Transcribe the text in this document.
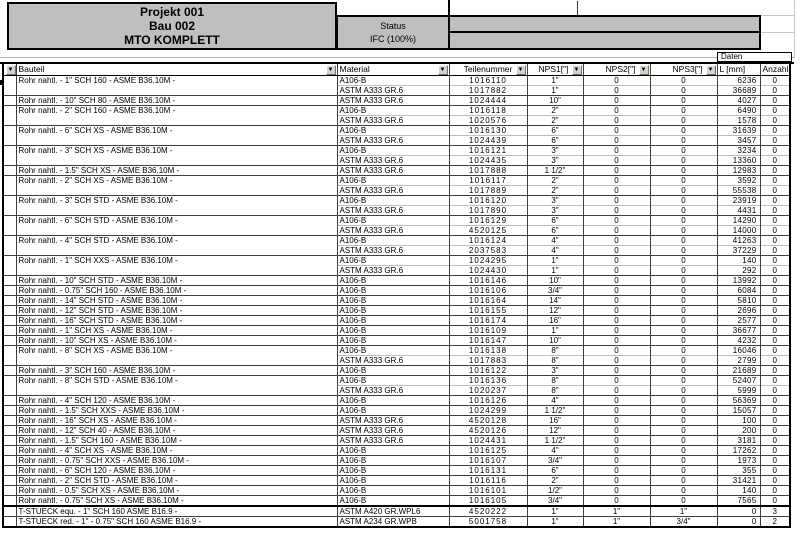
Projekt 001
Bau 002
MTO KOMPLETT
Status
IFC (100%)
Daten
▼	Bauteil ▼	Material ▼	Teilenummer ▼	NPS1["] ▼	NPS2["] ▼	NPS3["] ▼	L [mm]	Anzahl
	Rohr nahtl. - 1" SCH 160 - ASME B36.10M -	A106-B	1016110	1"	0	0	6236	0
		ASTM A333 GR.6	1017882	1"	0	0	36689	0
	Rohr nahtl. - 10" SCH 80 - ASME B36.10M -	ASTM A333 GR.6	1024444	10"	0	0	4027	0
	Rohr nahtl. - 2" SCH 160 - ASME B36.10M -	A106-B	1016118	2"	0	0	6490	0
		ASTM A333 GR.6	1020576	2"	0	0	1578	0
	Rohr nahtl. - 6" SCH XS - ASME B36.10M -	A106-B	1016130	6"	0	0	31639	0
		ASTM A333 GR.6	1024439	6"	0	0	3457	0
	Rohr nahtl. - 3" SCH XS - ASME B36.10M -	A106-B	1016121	3"	0	0	3234	0
		ASTM A333 GR.6	1024435	3"	0	0	13360	0
	Rohr nahtl. - 1.5" SCH XS - ASME B36.10M -	ASTM A333 GR.6	1017888	1 1/2"	0	0	12983	0
	Rohr nahtl. - 2" SCH XS - ASME B36.10M -	A106-B	1016117	2"	0	0	3592	0
		ASTM A333 GR.6	1017889	2"	0	0	55538	0
	Rohr nahtl. - 3" SCH STD - ASME B36.10M -	A106-B	1016120	3"	0	0	23919	0
		ASTM A333 GR.6	1017890	3"	0	0	4431	0
	Rohr nahtl. - 6" SCH STD - ASME B36.10M -	A106-B	1016129	6"	0	0	14290	0
		ASTM A333 GR.6	4520125	6"	0	0	14000	0
	Rohr nahtl. - 4" SCH STD - ASME B36.10M -	A106-B	1016124	4"	0	0	41263	0
		ASTM A333 GR.6	2037583	4"	0	0	37229	0
	Rohr nahtl. - 1" SCH XXS - ASME B36.10M -	A106-B	1024295	1"	0	0	140	0
		ASTM A333 GR.6	1024430	1"	0	0	292	0
	Rohr nahtl. - 10" SCH STD - ASME B36.10M -	A106-B	1016146	10"	0	0	13992	0
	Rohr nahtl. - 0.75" SCH 160 - ASME B36.10M -	A106-B	1016106	3/4"	0	0	6084	0
	Rohr nahtl. - 14" SCH STD - ASME B36.10M -	A106-B	1016164	14"	0	0	5810	0
	Rohr nahtl. - 12" SCH STD - ASME B36.10M -	A106-B	1016155	12"	0	0	2696	0
	Rohr nahtl. - 16" SCH STD - ASME B36.10M -	A106-B	1016174	16"	0	0	2577	0
	Rohr nahtl. - 1" SCH XS - ASME B36.10M -	A106-B	1016109	1"	0	0	36677	0
	Rohr nahtl. - 10" SCH XS - ASME B36.10M -	A106-B	1016147	10"	0	0	4232	0
	Rohr nahtl. - 8" SCH XS - ASME B36.10M -	A106-B	1016138	8"	0	0	16046	0
		ASTM A333 GR.6	1017883	8"	0	0	2799	0
	Rohr nahtl. - 3" SCH 160 - ASME B36.10M -	A106-B	1016122	3"	0	0	21689	0
	Rohr nahtl. - 8" SCH STD - ASME B36.10M -	A106-B	1016136	8"	0	0	52407	0
		ASTM A333 GR.6	1020237	8"	0	0	5999	0
	Rohr nahtl. - 4" SCH 120 - ASME B36.10M -	A106-B	1016126	4"	0	0	56369	0
	Rohr nahtl. - 1.5" SCH XXS - ASME B36.10M -	A106-B	1024299	1 1/2"	0	0	15057	0
	Rohr nahtl. - 16" SCH XS - ASME B36.10M -	ASTM A333 GR.6	4520128	16"	0	0	100	0
	Rohr nahtl. - 12" SCH 40 - ASME B36.10M -	ASTM A333 GR.6	4520126	12"	0	0	200	0
	Rohr nahtl. - 1.5" SCH 160 - ASME B36.10M -	ASTM A333 GR.6	1024431	1 1/2"	0	0	3181	0
	Rohr nahtl. - 4" SCH XS - ASME B36.10M -	A106-B	1016125	4"	0	0	17262	0
	Rohr nahtl. - 0.75" SCH XXS - ASME B36.10M -	A106-B	1016107	3/4"	0	0	1973	0
	Rohr nahtl. - 6" SCH 120 - ASME B36.10M -	A106-B	1016131	6"	0	0	355	0
	Rohr nahtl. - 2" SCH STD - ASME B36.10M -	A106-B	1016116	2"	0	0	31421	0
	Rohr nahtl. - 0.5" SCH XS - ASME B36.10M -	A106-B	1016101	1/2"	0	0	140	0
	Rohr nahtl. - 0.75" SCH XS - ASME B36.10M -	A106-B	1016105	3/4"	0	0	7565	0
	T-STUECK equ. - 1" SCH 160 ASME B16.9 -	ASTM A420 GR.WPL6	4520222	1"	1"	1"	0	3
	T-STUECK red. - 1" - 0.75" SCH 160 ASME B16.9 -	ASTM A234 GR.WPB	5001758	1"	1"	3/4"	0	2
